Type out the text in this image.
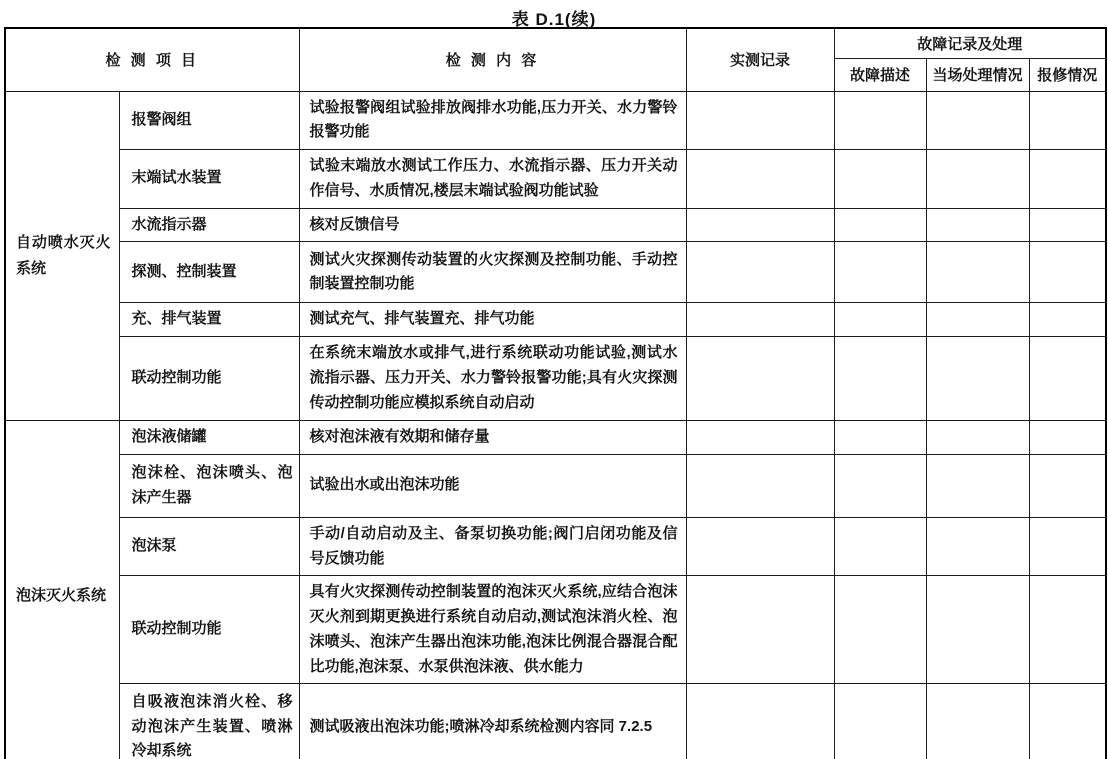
表 D.1(续)
检 测 项 目		检 测 内 容	实测记录	故障记录及处理		
				故障描述	当场处理情况	报修情况
自动喷水灭火系统	报警阀组	试验报警阀组试验排放阀排水功能,压力开关、水力警铃报警功能				
	末端试水装置	试验末端放水测试工作压力、水流指示器、压力开关动作信号、水质情况,楼层末端试验阀功能试验				
	水流指示器	核对反馈信号				
	探测、控制装置	测试火灾探测传动装置的火灾探测及控制功能、手动控制装置控制功能				
	充、排气装置	测试充气、排气装置充、排气功能				
	联动控制功能	在系统末端放水或排气,进行系统联动功能试验,测试水流指示器、压力开关、水力警铃报警功能;具有火灾探测传动控制功能应模拟系统自动启动				
泡沫灭火系统	泡沫液储罐	核对泡沫液有效期和储存量				
	泡沫栓、泡沫喷头、泡沫产生器	试验出水或出泡沫功能				
	泡沫泵	手动/自动启动及主、备泵切换功能;阀门启闭功能及信号反馈功能				
	联动控制功能	具有火灾探测传动控制装置的泡沫灭火系统,应结合泡沫灭火剂到期更换进行系统自动启动,测试泡沫消火栓、泡沫喷头、泡沫产生器出泡沫功能,泡沫比例混合器混合配比功能,泡沫泵、水泵供泡沫液、供水能力				
	自吸液泡沫消火栓、移动泡沫产生装置、喷淋冷却系统	测试吸液出泡沫功能;喷淋冷却系统检测内容同 7.2.5				
